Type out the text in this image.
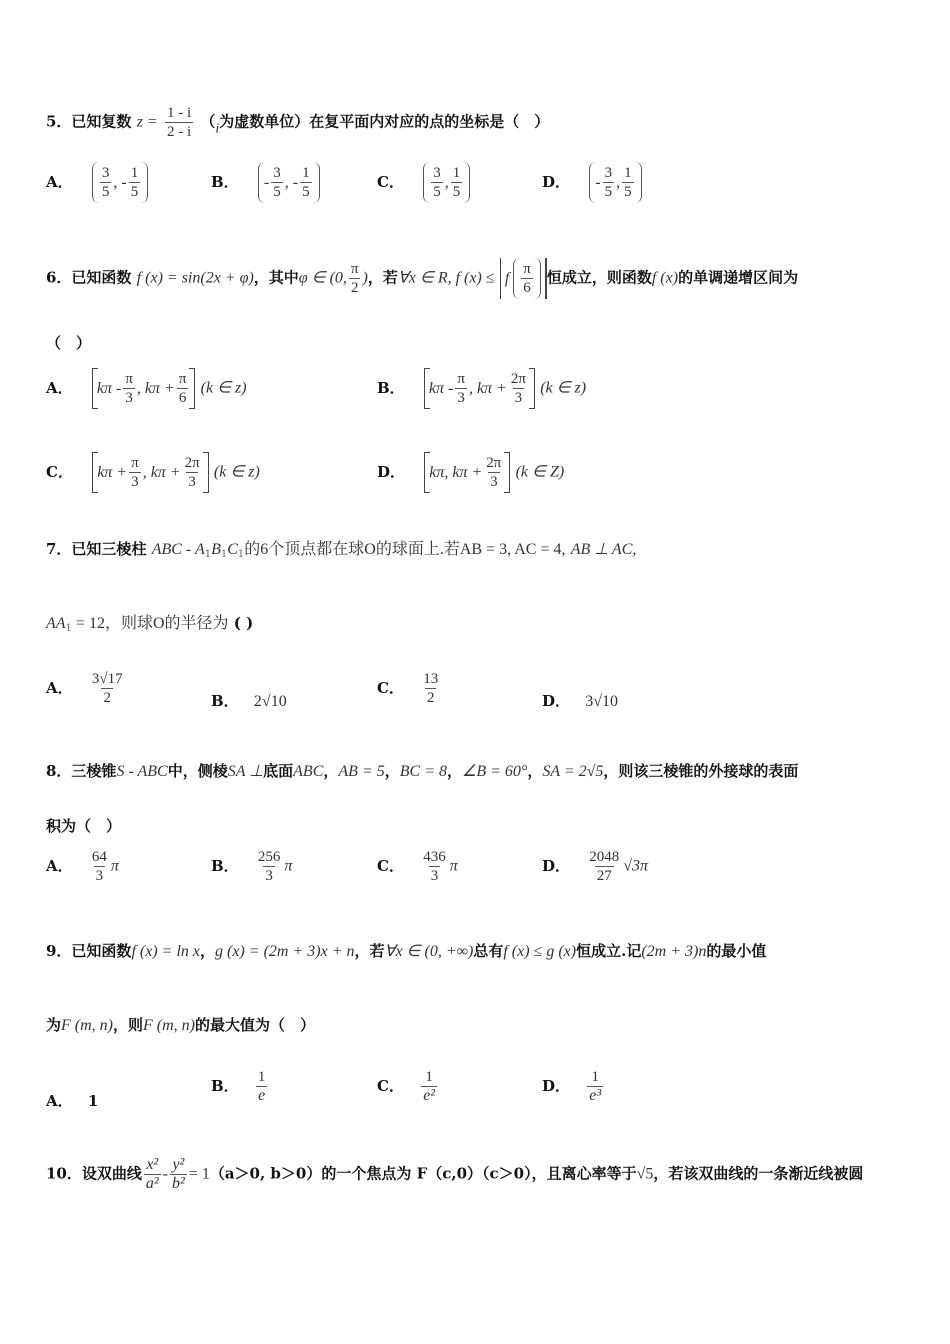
5．已知复数 $z = \frac{1 - i}{2 - i} (i$为虚数单位）在复平面内对应的点的坐标是（　）
A． $\frac{3}{5}$ , - $\frac{1}{5}$	B． - $\frac{3}{5}$ , - $\frac{1}{5}$	C． $\frac{3}{5}$ , $\frac{1}{5}$	D． - $\frac{3}{5}$ , $\frac{1}{5}$
6．已知函数 f (x) = sin(2x + φ)，其中φ ∈ (0, $\frac{\pi}{2}$ )，若∀x ∈ R, f (x) ≤ f $\frac{\pi}{6}$ 恒成立，则函数f (x)的单调递增区间为
（　）
A． kπ - $\frac{\pi}{3}$ , $k\pi + \frac{\pi}{6} (k$ ∈ z)	B． kπ - $\frac{\pi}{3}$ , $k\pi + \frac{2\pi}{3} (k$ ∈ z)
C． $k\pi + \frac{\pi}{3}$ , $k\pi + \frac{2\pi}{3} (k$ ∈ z)	D． kπ, $k\pi + \frac{2\pi}{3} (k$ ∈ Z)
7．已知三棱柱 ABC - $A_1B_1C_1$的6个顶点都在球O的球面上.若AB = 3, AC = 4, AB ⊥ AC,
$AA_1 = 12$，则球O的半径为 ( )
A． $\frac{3√17}{2}$	B． 2√10
C． $\frac{13}{2}$	D． 3√10
8．三棱锥S - ABC中，侧棱SA ⊥底面ABC，AB = 5，BC = 8，∠B = 60°，SA = 2√5，则该三棱锥的外接球的表面
积为（　）
A． $\frac{64}{3}$ π	B． $\frac{256}{3}$ π	C． $\frac{436}{3}$ π	D． $\frac{2048}{27} √3\pi$
9．已知函数f (x) = ln x，g (x) = (2m + 3)x + n，若∀x ∈ (0, +∞)总有f (x) ≤ g (x)恒成立.记(2m + 3)n的最小值
为F (m, n)，则F (m, n)的最大值为（　）
A． 1
B． $\frac{1}{e}$	C． $\frac{1}{\text{e²}}$	D． $\frac{1}{\text{e³}}$
10．设双曲线 $\frac{\text{x²}}{\text{a²}} - \frac{\text{y²}}{\text{b²}} = 1(a>0$, b＞0）的一个焦点为 F（c,0）（c＞0），且离心率等于√5，若该双曲线的一条渐近线被圆
